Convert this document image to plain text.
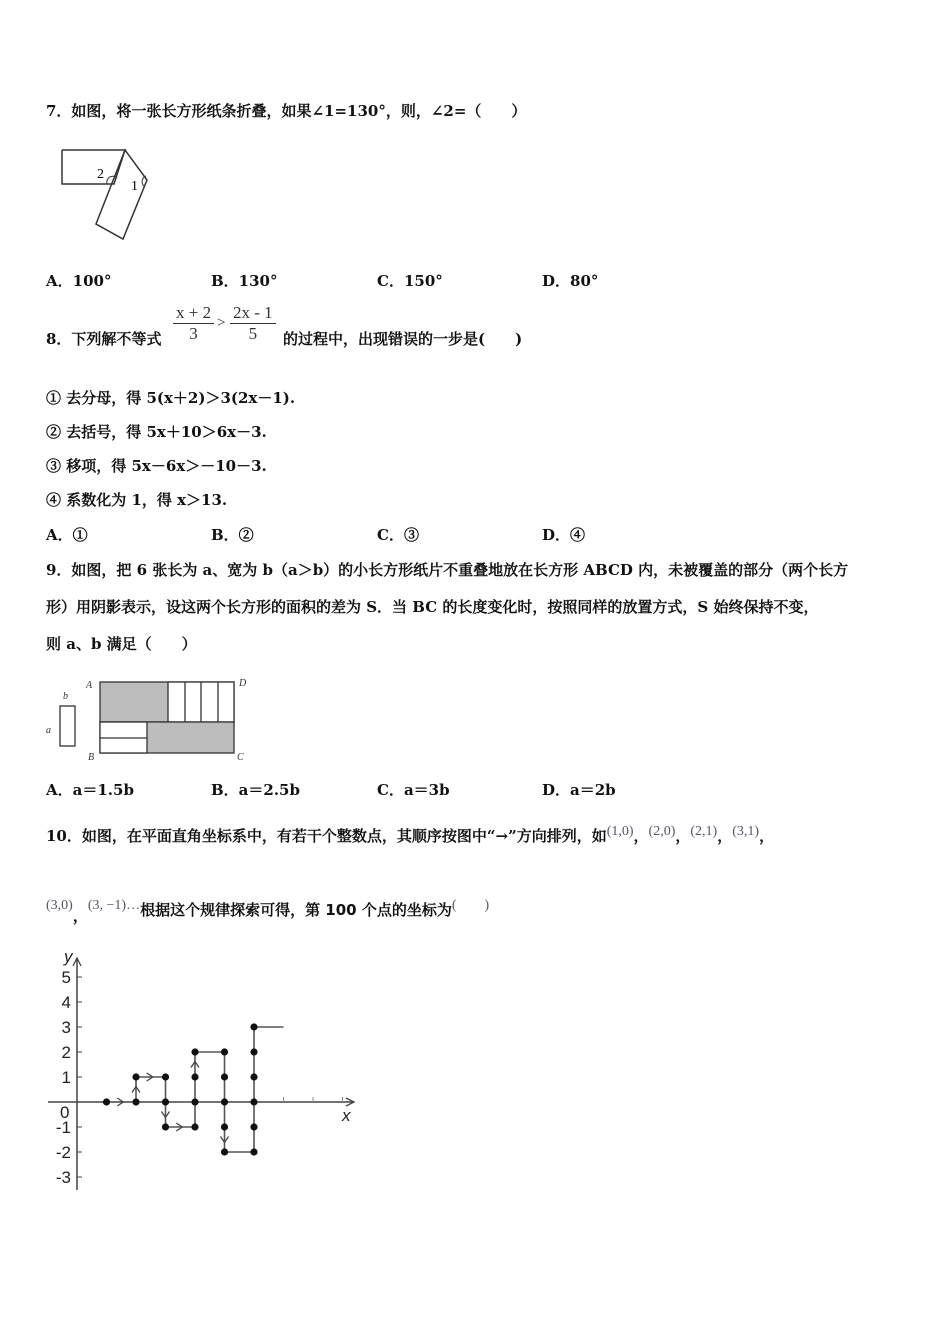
7．如图，将一张长方形纸条折叠，如果∠1=130°，则，∠2=（　　）
2
1
A．100°	B．130°	C．150°	D．80°
8．下列解不等式 $\frac{x + 2}{3} > \frac{2x - 1}{5}$ 的过程中，出现错误的一步是(　　)
① 去分母，得 5(x＋2)＞3(2x－1).
② 去括号，得 5x＋10＞6x－3.
③ 移项，得 5x－6x＞－10－3.
④ 系数化为 1，得 x＞13.
A．①	B．②	C．③	D．④
9．如图，把 6 张长为 a、宽为 b（a＞b）的小长方形纸片不重叠地放在长方形 ABCD 内，未被覆盖的部分（两个长方
形）用阴影表示，设这两个长方形的面积的差为 S．当 BC 的长度变化时，按照同样的放置方式，S 始终保持不变，
则 a、b 满足（　　）
b
a
A
B	C
D
A．a＝1.5b	B．a＝2.5b	C．a＝3b	D．a＝2b
10．如图，在平面直角坐标系中，有若干个整数点，其顺序按图中“→”方向排列，如(1,0)，(2,0)，(2,1)，(3,1)，
(3,0)，(3, −1)…根据这个规律探索可得，第 100 个点的坐标为(　　)
x
y
0
5
4
3
2
1
-1
-2
-3
